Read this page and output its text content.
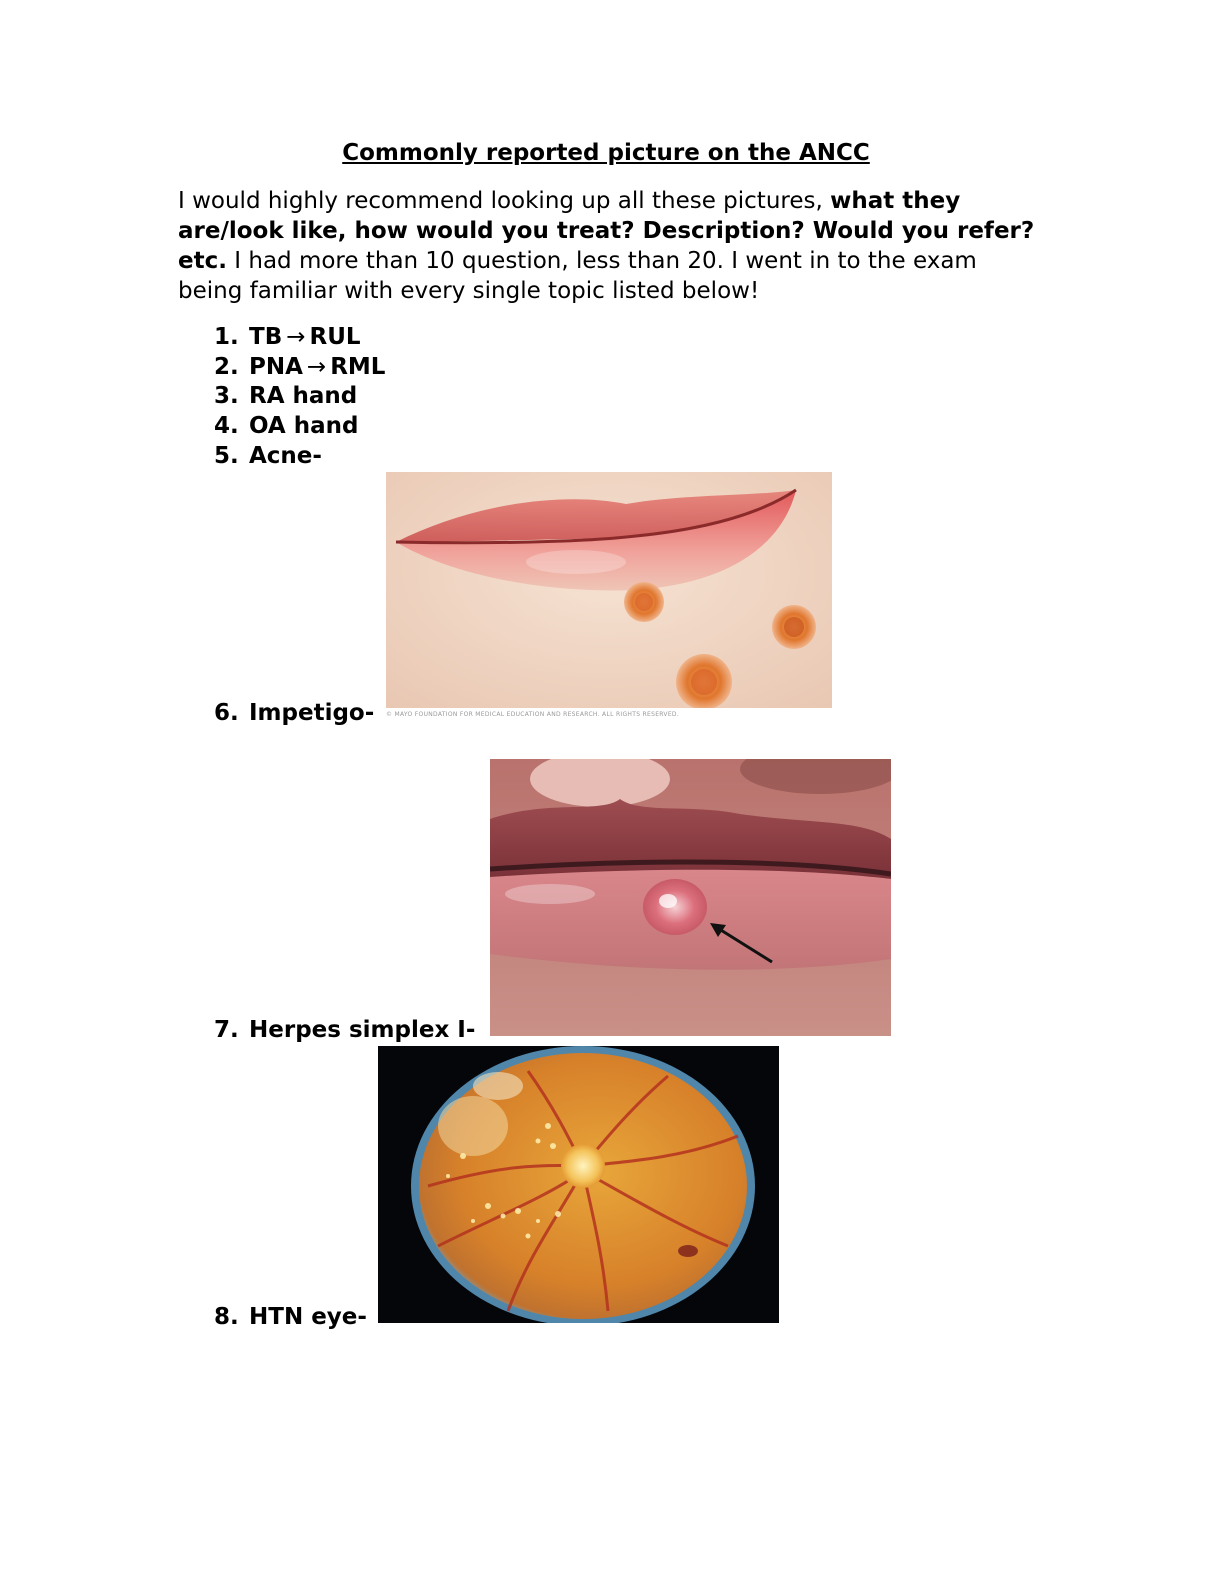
Commonly reported picture on the ANCC
I would highly recommend looking up all these pictures, what they are/look like, how would you treat? Description? Would you refer? etc. I had more than 10 question, less than 20. I went in to the exam being familiar with every single topic listed below!
1. TB → RUL
2. PNA → RML
3. RA hand
4. OA hand
5. Acne-
6. Impetigo-
7. Herpes simplex I-
8. HTN eye-
© MAYO FOUNDATION FOR MEDICAL EDUCATION AND RESEARCH. ALL RIGHTS RESERVED.
